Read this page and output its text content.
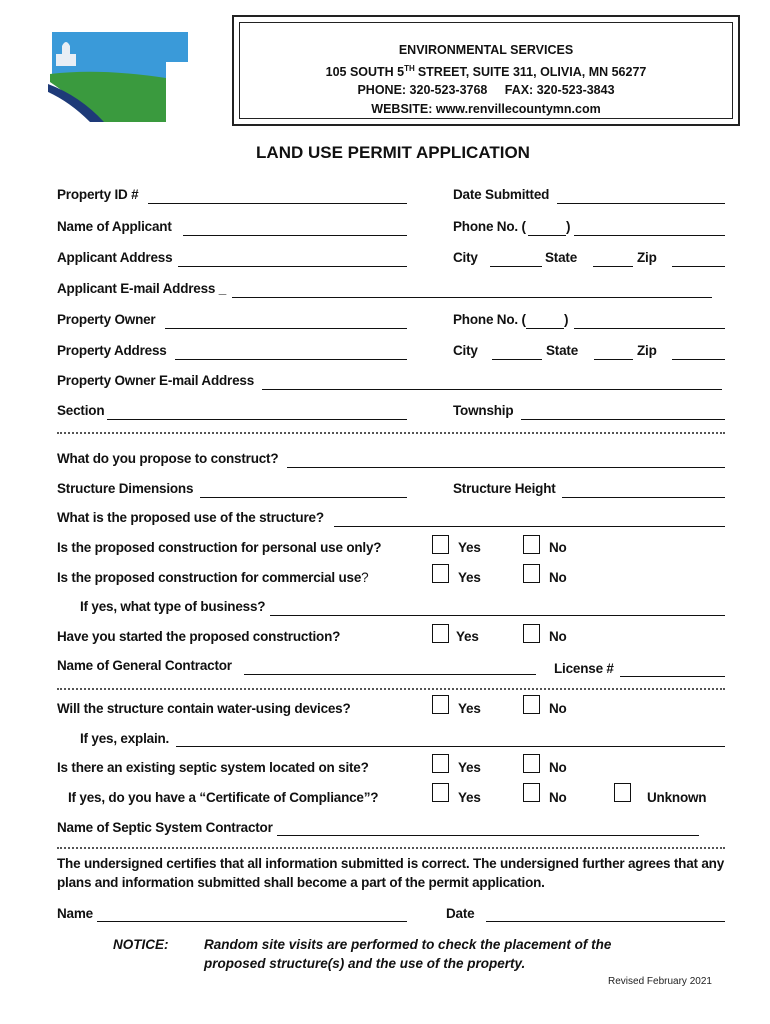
ENVIRONMENTAL SERVICES
105 SOUTH 5TH STREET, SUITE 311, OLIVIA, MN 56277
PHONE: 320-523-3768     FAX: 320-523-3843
WEBSITE: www.renvillecountymn.com
LAND USE PERMIT APPLICATION
Property ID #	Date Submitted
Name of Applicant	Phone No. (	)
Applicant Address	City	State	Zip
Applicant E-mail Address _
Property Owner	Phone No. (	)
Property Address	City	State	Zip
Property Owner E-mail Address
Section	Township
What do you propose to construct?
Structure Dimensions	Structure Height
What is the proposed use of the structure?
Is the proposed construction for personal use only?	Yes	No
Is the proposed construction for commercial use?	Yes	No
If yes, what type of business?
Have you started the proposed construction?	Yes	No
Name of General Contractor	License #
Will the structure contain water-using devices?	Yes	No
If yes, explain.
Is there an existing septic system located on site?	Yes	No
If yes, do you have a “Certificate of Compliance”?	Yes	No	Unknown
Name of Septic System Contractor
The undersigned certifies that all information submitted is correct. The undersigned further agrees that any plans and information submitted shall become a part of the permit application.
Name	Date
NOTICE:	Random site visits are performed to check the placement of the
proposed structure(s) and the use of the property.
Revised February 2021
